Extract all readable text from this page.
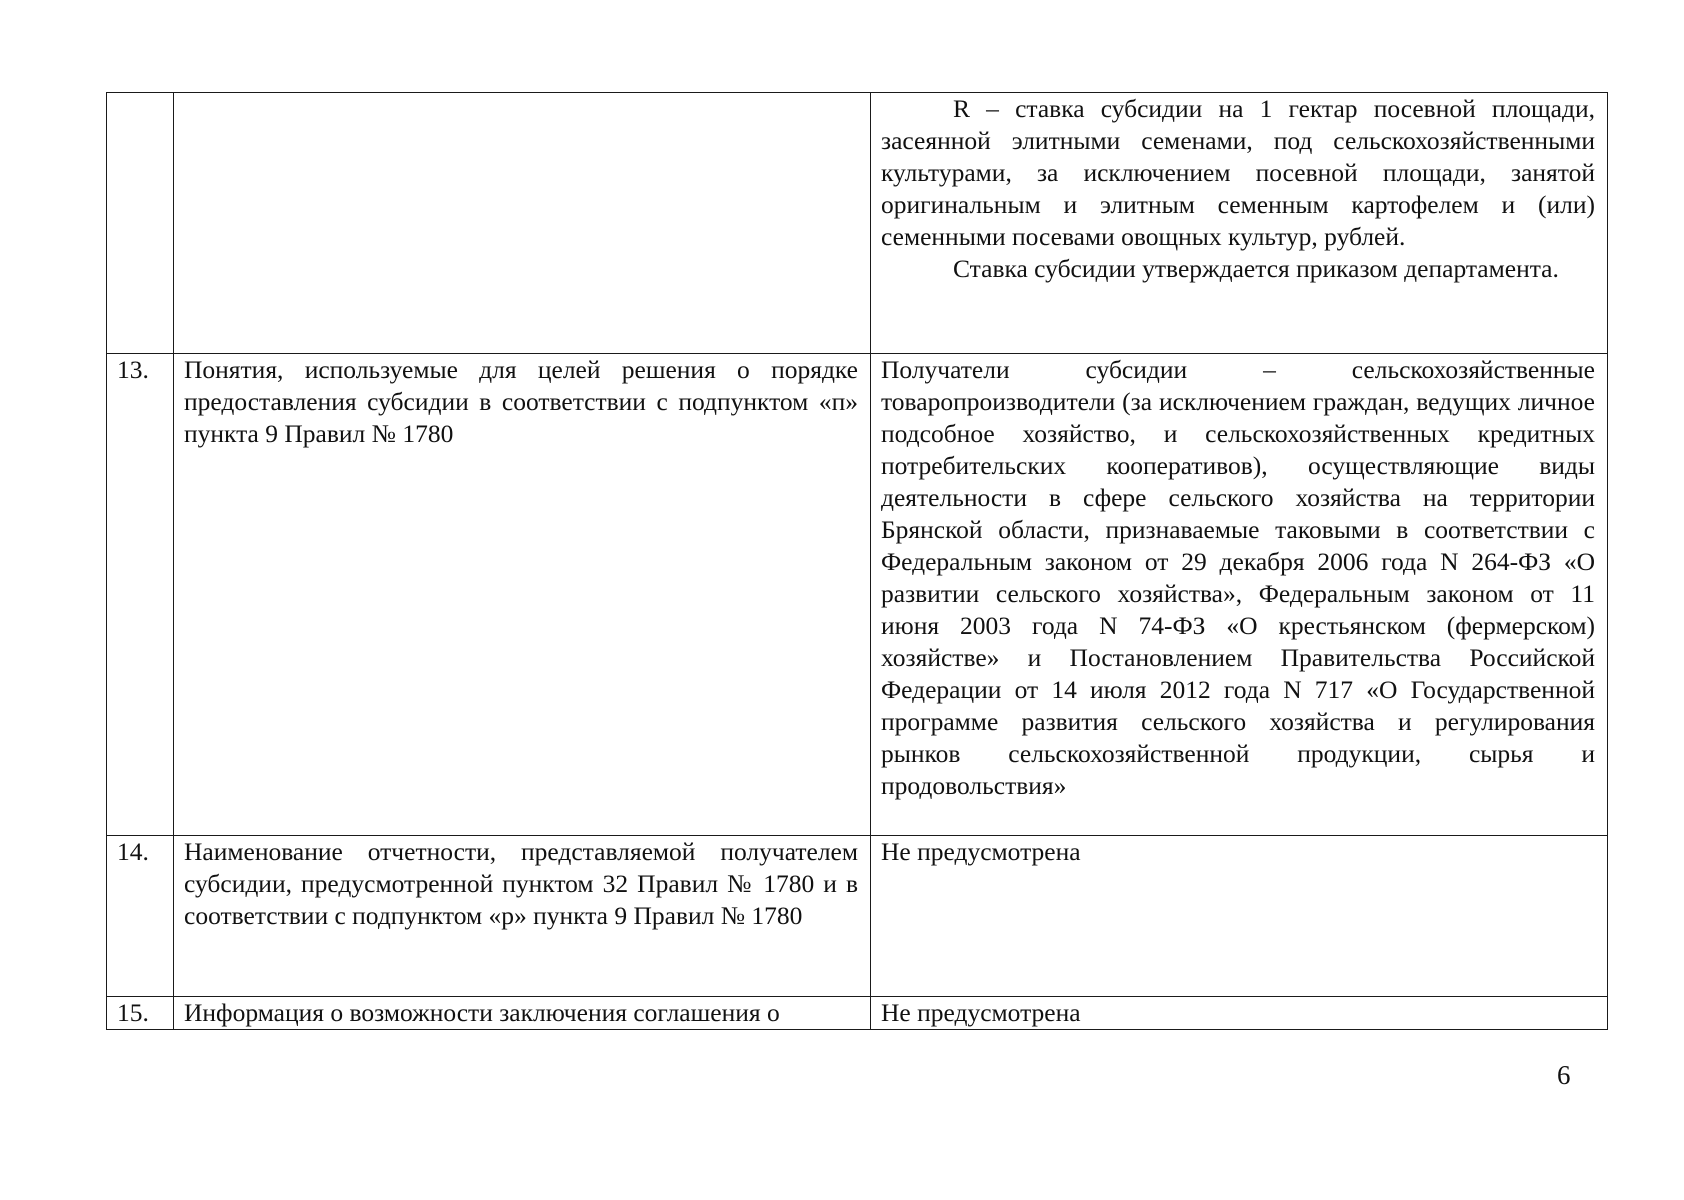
		R – ставка субсидии на 1 гектар посевной площади, засеянной элитными семенами, под сельскохозяйственными культурами, за исключением посевной площади, занятой оригинальным и элитным семенным картофелем и (или) семенными посевами овощных культур, рублей.

Ставка субсидии утверждается приказом департамента.

13.	Понятия, используемые для целей решения о порядке предоставления субсидии в соответствии с подпунктом «п» пункта 9 Правил № 1780	Получатели субсидии – сельскохозяйственные товаропроизводители (за исключением граждан, ведущих личное подсобное хозяйство, и сельскохозяйственных кредитных потребительских кооперативов), осуществляющие виды деятельности в сфере сельского хозяйства на территории Брянской области, признаваемые таковыми в соответствии с Федеральным законом от 29 декабря 2006 года N 264-ФЗ «О развитии сельского хозяйства», Федеральным законом от 11 июня 2003 года N 74-ФЗ «О крестьянском (фермерском) хозяйстве» и Постановлением Правительства Российской Федерации от 14 июля 2012 года N 717 «О Государственной программе развития сельского хозяйства и регулирования рынков сельскохозяйственной продукции, сырья и продовольствия»
14.	Наименование отчетности, представляемой получателем субсидии, предусмотренной пунктом 32 Правил № 1780 и в соответствии с подпунктом «р» пункта 9 Правил № 1780	Не предусмотрена
15.	Информация о возможности заключения соглашения о	Не предусмотрена
6
